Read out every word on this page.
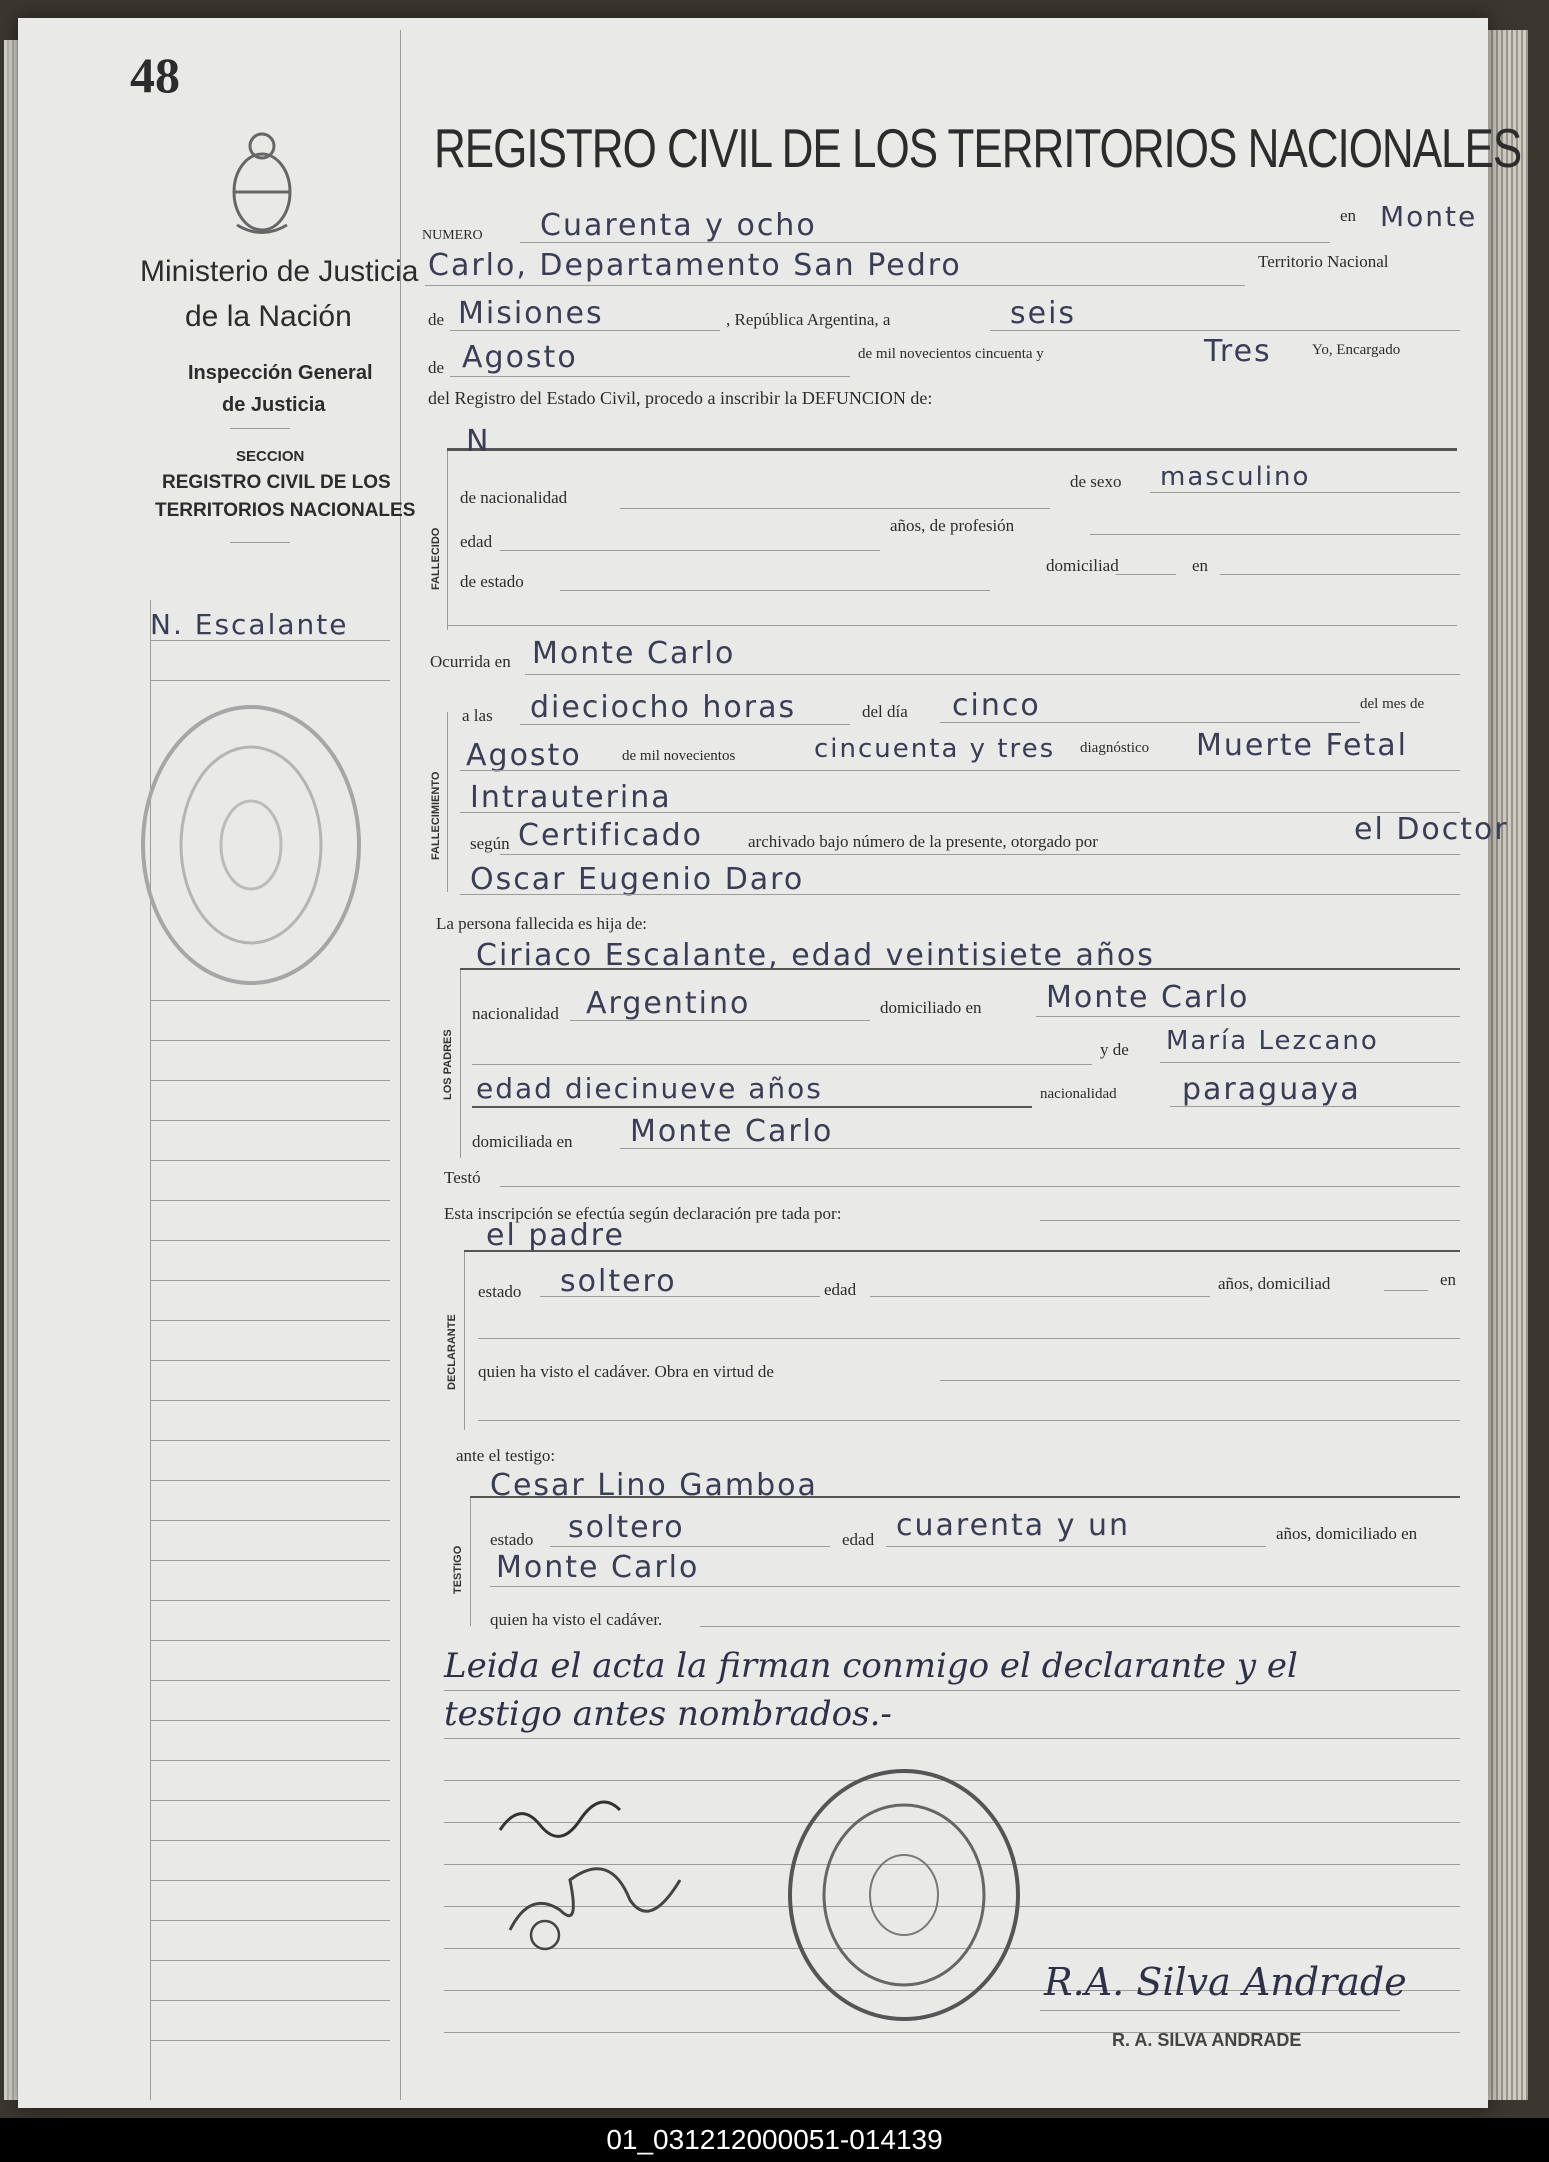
48
Ministerio de Justicia
de la Nación
Inspección General
de Justicia
SECCION
REGISTRO CIVIL DE LOS
TERRITORIOS NACIONALES
N. Escalante
REGISTRO CIVIL DE LOS TERRITORIOS NACIONALES
NUMERO Cuarenta y ocho	en Monte
Carlo, Departamento San Pedro	Territorio Nacional
de Misiones	, República Argentina, a	seis
de Agosto	de mil novecientos cincuenta y	Tres	Yo, Encargado
del Registro del Estado Civil, procedo a inscribir la DEFUNCION de:
FALLECIDO
N
de nacionalidad
de sexo masculino
edad
años, de profesión
de estado
domiciliad	en
Ocurrida en Monte Carlo
FALLECIMIENTO
a las dieciocho horas	del día cinco	del mes de
Agosto	de mil novecientos	cincuenta y tres diagnóstico Muerte Fetal
Intrauterina
según Certificado	archivado bajo número de la presente, otorgado por	el Doctor
Oscar Eugenio Daro
La persona fallecida es hija de:
LOS PADRES
Ciriaco Escalante, edad veintisiete años
nacionalidad Argentino	domiciliado en Monte Carlo
y de María Lezcano
edad diecinueve años	nacionalidad paraguaya
domiciliada en Monte Carlo
Testó
Esta inscripción se efectúa según declaración pre tada por:
DECLARANTE
el padre
estado soltero	edad	años, domiciliad	en
quien ha visto el cadáver. Obra en virtud de
ante el testigo:
TESTIGO
Cesar Lino Gamboa
estado soltero	edad cuarenta y un	años, domiciliado en
Monte Carlo
quien ha visto el cadáver.
Leida el acta la firman conmigo el declarante y el
testigo antes nombrados.-
R.A. Silva Andrade
R. A. SILVA ANDRADE
01_031212000051-014139
